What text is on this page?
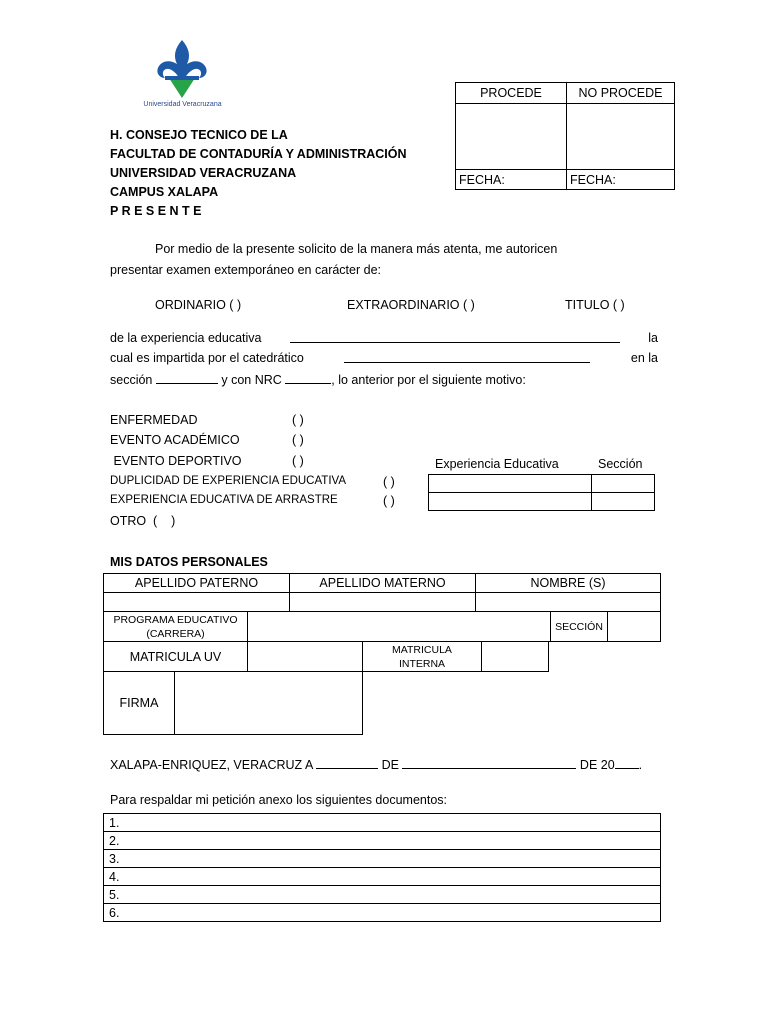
Universidad Veracruzana
PROCEDE	NO PROCEDE

FECHA:	FECHA:
H. CONSEJO TECNICO DE LA
FACULTAD DE CONTADURÍA Y ADMINISTRACIÓN
UNIVERSIDAD VERACRUZANA
CAMPUS XALAPA
P R E S E N T E
Por medio de la presente solicito de la manera más atenta, me autoricen
presentar examen extemporáneo en carácter de:
ORDINARIO ( )	EXTRAORDINARIO ( )	TITULO ( )
de la experiencia educativa	la
cual es impartida por el catedrático	en la
sección	y con NRC	, lo anterior por el siguiente motivo:
ENFERMEDAD	( )
EVENTO ACADÉMICO	( )
EVENTO DEPORTIVO	( )
DUPLICIDAD DE EXPERIENCIA EDUCATIVA	( )
EXPERIENCIA EDUCATIVA DE ARRASTRE	( )
OTRO  (    )
Experiencia Educativa	Sección

MIS DATOS PERSONALES
APELLIDO PATERNO	APELLIDO MATERNO	NOMBRE (S)

PROGRAMA EDUCATIVO
(CARRERA)
		SECCIÓN	
MATRICULA UV		MATRICULA
INTERNA

FIRMA	
XALAPA-ENRIQUEZ, VERACRUZ A	DE	DE 20 .
Para respaldar mi petición anexo los siguientes documentos:
1.
2.
3.
4.
5.
6.
